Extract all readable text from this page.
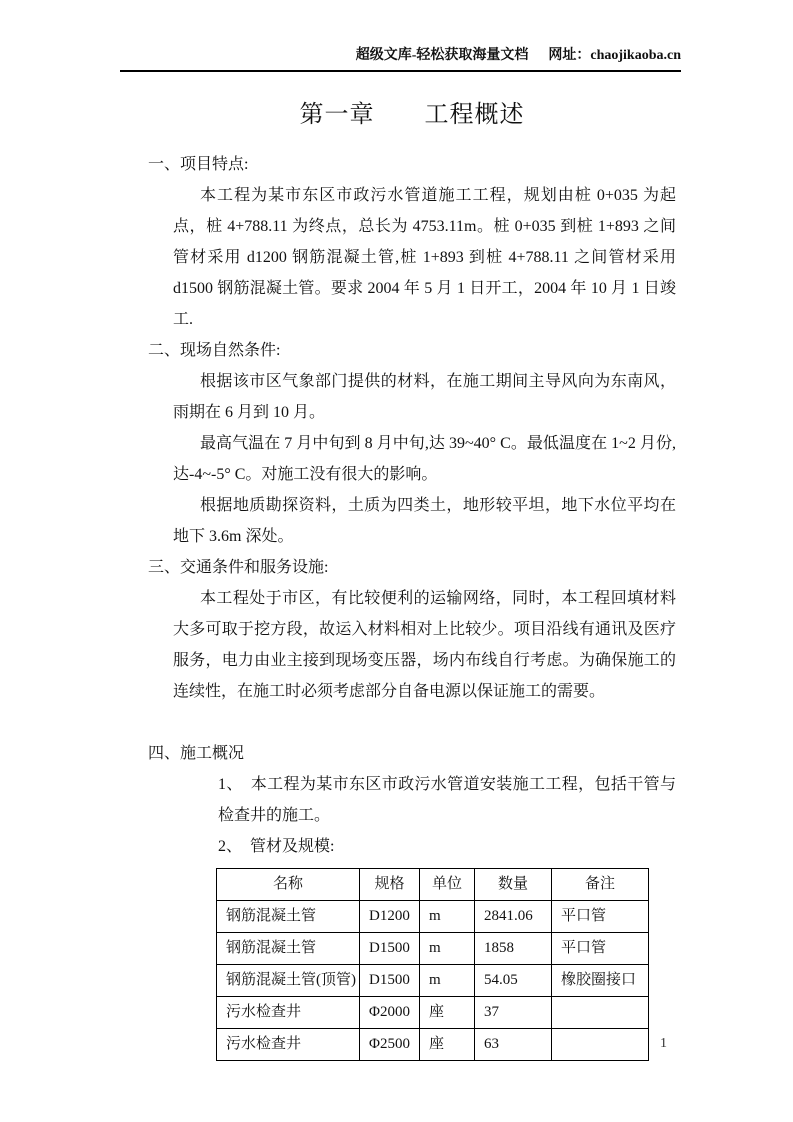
超级文库-轻松获取海量文档 网址：chaojikaoba.cn
第一章　　工程概述
一、项目特点:

本工程为某市东区市政污水管道施工工程，规划由桩 0+035 为起点，桩 4+788.11 为终点，总长为 4753.11m。桩 0+035 到桩 1+893 之间管材采用 d1200 钢筋混凝土管,桩 1+893 到桩 4+788.11 之间管材采用 d1500 钢筋混凝土管。要求 2004 年 5 月 1 日开工，2004 年 10 月 1 日竣工.

二、现场自然条件:

根据该市区气象部门提供的材料，在施工期间主导风向为东南风，雨期在 6 月到 10 月。

最高气温在 7 月中旬到 8 月中旬,达 39~40° C。最低温度在 1~2 月份,达-4~-5° C。对施工没有很大的影响。

根据地质勘探资料，土质为四类土，地形较平坦，地下水位平均在地下 3.6m 深处。

三、交通条件和服务设施:

本工程处于市区，有比较便利的运输网络，同时，本工程回填材料大多可取于挖方段，故运入材料相对上比较少。项目沿线有通讯及医疗服务，电力由业主接到现场变压器，场内布线自行考虑。为确保施工的连续性，在施工时必须考虑部分自备电源以保证施工的需要。

四、施工概况
1、 本工程为某市东区市政污水管道安装施工工程，包括干管与检查井的施工。
2、 管材及规模:
名称	规格	单位	数量	备注
钢筋混凝土管	D1200	m	2841.06	平口管
钢筋混凝土管	D1500	m	1858	平口管
钢筋混凝土管(顶管)	D1500	m	54.05	橡胶圈接口
污水检查井	Φ2000	座	37	
污水检查井	Φ2500	座	63		1
